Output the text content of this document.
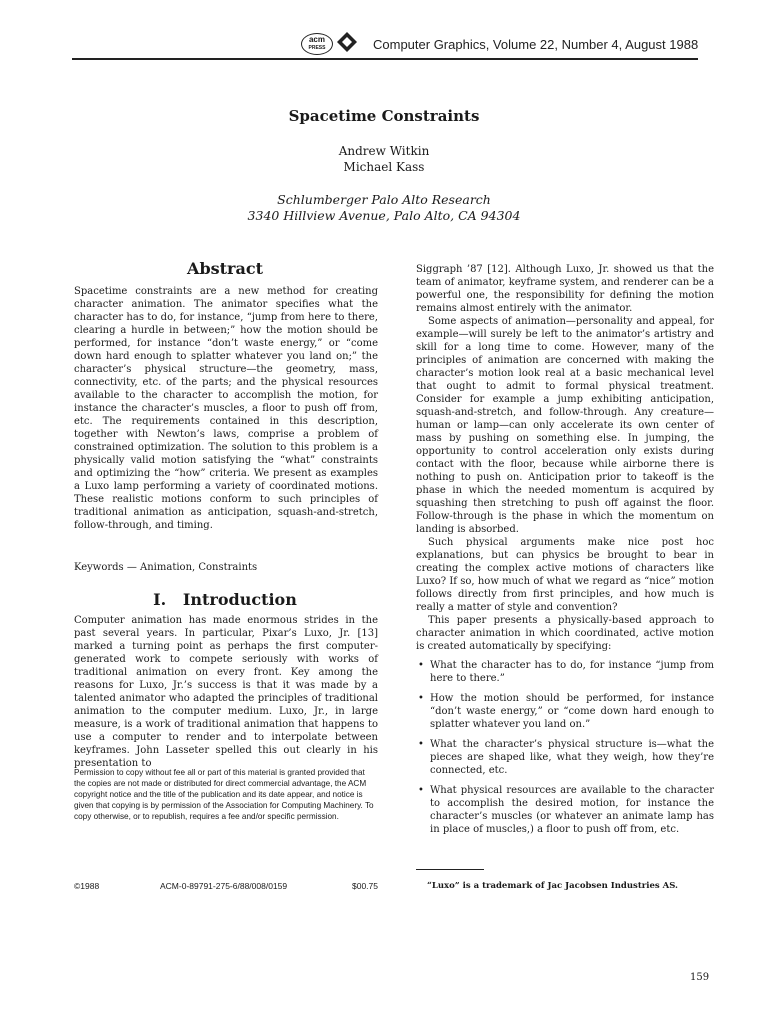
acm
PRESS	Computer Graphics, Volume 22, Number 4, August 1988
Spacetime Constraints
Andrew Witkin
Michael Kass
Schlumberger Palo Alto Research
3340 Hillview Avenue, Palo Alto, CA 94304
Abstract

Spacetime constraints are a new method for creating character animation. The animator specifies what the character has to do, for instance, “jump from here to there, clearing a hurdle in between;” how the motion should be performed, for instance “don’t waste energy,” or “come down hard enough to splatter whatever you land on;” the character’s physical structure—the geometry, mass, connectivity, etc. of the parts; and the physical resources available to the character to accomplish the motion, for instance the character’s muscles, a floor to push off from, etc. The requirements contained in this description, together with Newton’s laws, comprise a problem of constrained optimization. The solution to this problem is a physically valid motion satisfying the “what” constraints and optimizing the “how” criteria. We present as examples a Luxo lamp performing a variety of coordinated motions. These realistic motions conform to such principles of traditional animation as anticipation, squash-and-stretch, follow-through, and timing.

Keywords — Animation, Constraints
I. Introduction

Computer animation has made enormous strides in the past several years. In particular, Pixar’s Luxo, Jr. [13] marked a turning point as perhaps the first computer-generated work to compete seriously with works of traditional animation on every front. Key among the reasons for Luxo, Jr.’s success is that it was made by a talented animator who adapted the principles of traditional animation to the computer medium. Luxo, Jr., in large measure, is a work of traditional animation that happens to use a computer to render and to interpolate between keyframes. John Lasseter spelled this out clearly in his presentation to

Permission to copy without fee all or part of this material is granted provided that the copies are not made or distributed for direct commercial advantage, the ACM copyright notice and the title of the publication and its date appear, and notice is given that copying is by permission of the Association for Computing Machinery. To copy otherwise, or to republish, requires a fee and/or specific permission.

Siggraph ’87 [12]. Although Luxo, Jr. showed us that the team of animator, keyframe system, and renderer can be a powerful one, the responsibility for defining the motion remains almost entirely with the animator.

Some aspects of animation—personality and appeal, for example—will surely be left to the animator’s artistry and skill for a long time to come. However, many of the principles of animation are concerned with making the character’s motion look real at a basic mechanical level that ought to admit to formal physical treatment. Consider for example a jump exhibiting anticipation, squash-and-stretch, and follow-through. Any creature—human or lamp—can only accelerate its own center of mass by pushing on something else. In jumping, the opportunity to control acceleration only exists during contact with the floor, because while airborne there is nothing to push on. Anticipation prior to takeoff is the phase in which the needed momentum is acquired by squashing then stretching to push off against the floor. Follow-through is the phase in which the momentum on landing is absorbed.

Such physical arguments make nice post hoc explanations, but can physics be brought to bear in creating the complex active motions of characters like Luxo? If so, how much of what we regard as “nice” motion follows directly from first principles, and how much is really a matter of style and convention?

This paper presents a physically-based approach to character animation in which coordinated, active motion is created automatically by specifying:

• What the character has to do, for instance “jump from here to there.”
• How the motion should be performed, for instance “don’t waste energy,” or “come down hard enough to splatter whatever you land on.”
• What the character’s physical structure is—what the pieces are shaped like, what they weigh, how they’re connected, etc.
• What physical resources are available to the character to accomplish the desired motion, for instance the character’s muscles (or whatever an animate lamp has in place of muscles,) a floor to push off from, etc.
“Luxo” is a trademark of Jac Jacobsen Industries AS.
©1988	ACM-0-89791-275-6/88/008/0159	$00.75
159
